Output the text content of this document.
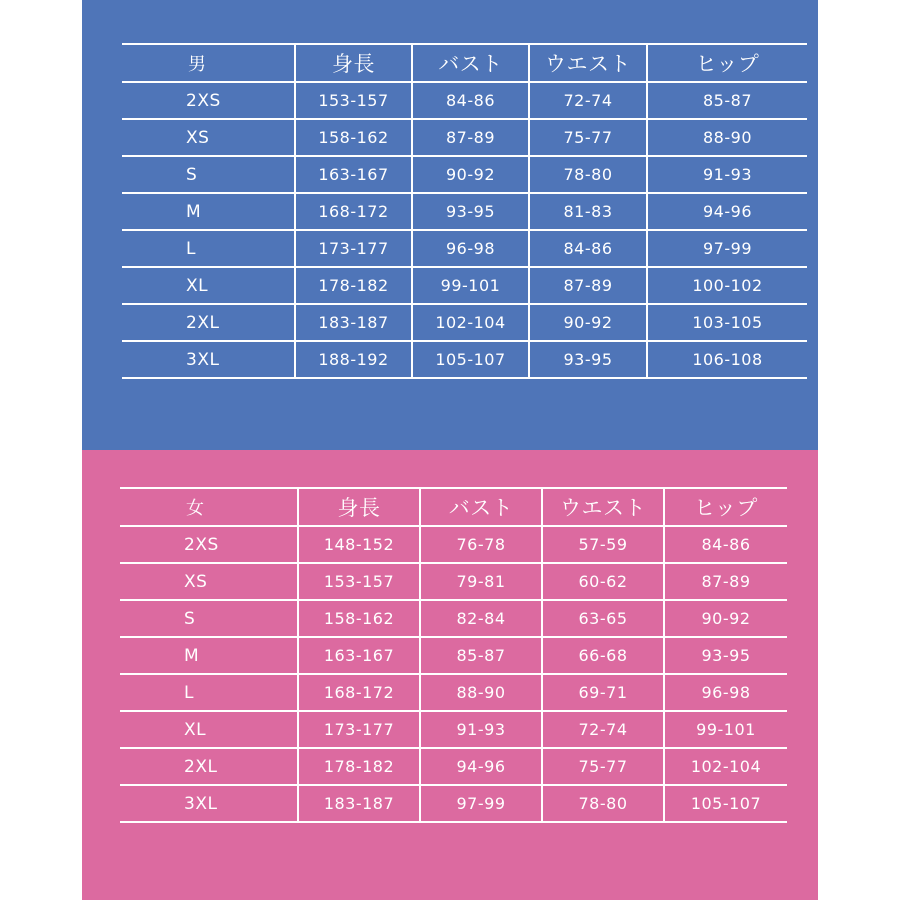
男	身長	バスト	ウエスト	ヒップ
2XS	153-157	84-86	72-74	85-87
XS	158-162	87-89	75-77	88-90
S	163-167	90-92	78-80	91-93
M	168-172	93-95	81-83	94-96
L	173-177	96-98	84-86	97-99
XL	178-182	99-101	87-89	100-102
2XL	183-187	102-104	90-92	103-105
3XL	188-192	105-107	93-95	106-108
女	身長	バスト	ウエスト	ヒップ
2XS	148-152	76-78	57-59	84-86
XS	153-157	79-81	60-62	87-89
S	158-162	82-84	63-65	90-92
M	163-167	85-87	66-68	93-95
L	168-172	88-90	69-71	96-98
XL	173-177	91-93	72-74	99-101
2XL	178-182	94-96	75-77	102-104
3XL	183-187	97-99	78-80	105-107
